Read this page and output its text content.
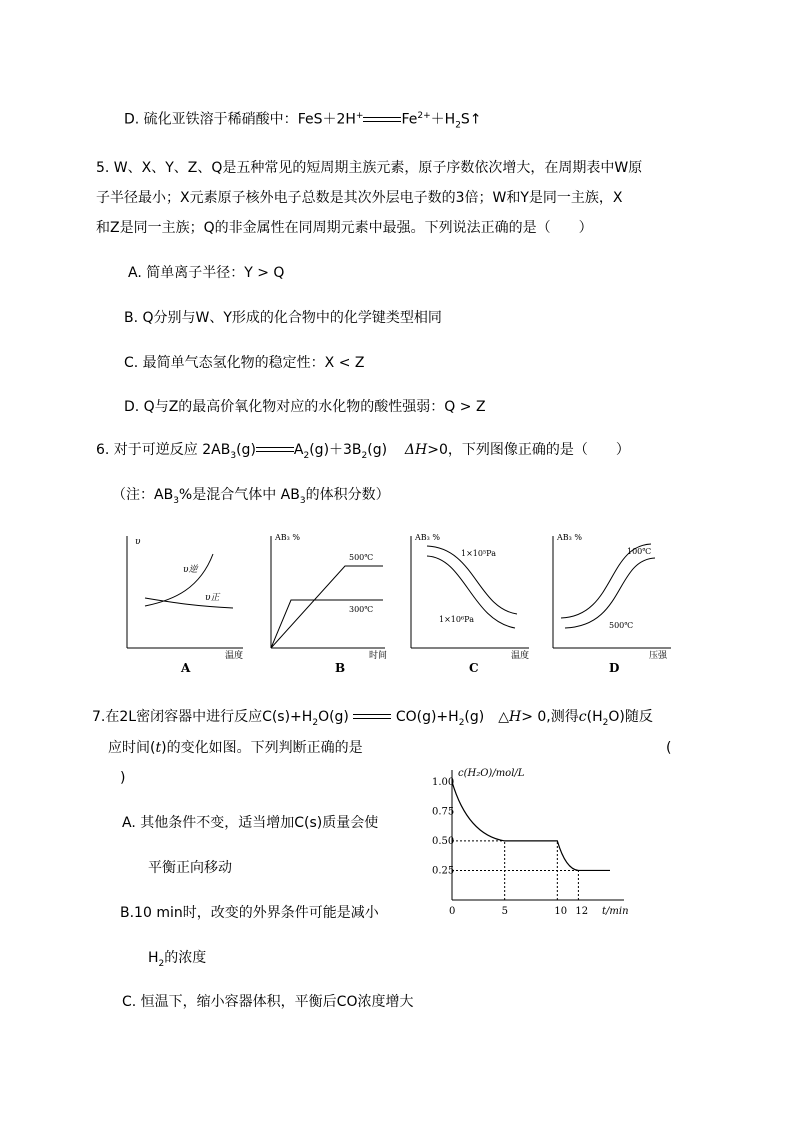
D. 硫化亚铁溶于稀硝酸中：FeS＋2H+	$Fe^{2+}+H_2S↑$
5. W、X、Y、Z、Q是五种常见的短周期主族元素，原子序数依次增大，在周期表中W原
子半径最小；X元素原子核外电子总数是其次外层电子数的3倍；W和Y是同一主族，X
和Z是同一主族；Q的非金属性在同周期元素中最强。下列说法正确的是（　　）
A. 简单离子半径：Y > Q
B. Q分别与W、Y形成的化合物中的化学键类型相同
C. 最简单气态氢化物的稳定性：X < Z
D. Q与Z的最高价氧化物对应的水化物的酸性强弱：Q > Z
6. 对于可逆反应 $2AB_3(g)$	$A_2(g)+3B_2(g)$ ΔH>0，下列图像正确的是（　　）
（注：$AB_3\%$是混合气体中 $AB_3$的体积分数）
υ
υ逆
υ正
温度
A
AB₃ %
500℃
300℃
时间
B
AB₃ %
1×10⁵Pa
1×10⁶Pa
温度
C
AB₃ %
100℃
500℃
压强
D
7.在2L密闭容器中进行反应$C(s)+H_2O(g)$	$CO(g)+H_2(g)$　△H> 0,测得$c(H_2O)$随反
应时间(t)的变化如图。下列判断正确的是	(
)
A. 其他条件不变，适当增加C(s)质量会使
平衡正向移动
B.10 min时，改变的外界条件可能是减小
$H_2$的浓度
C. 恒温下，缩小容器体积，平衡后CO浓度增大
c(H₂O)/mol/L
t/min
1.00
0.75
0.50
0.25
0	5	10 12
